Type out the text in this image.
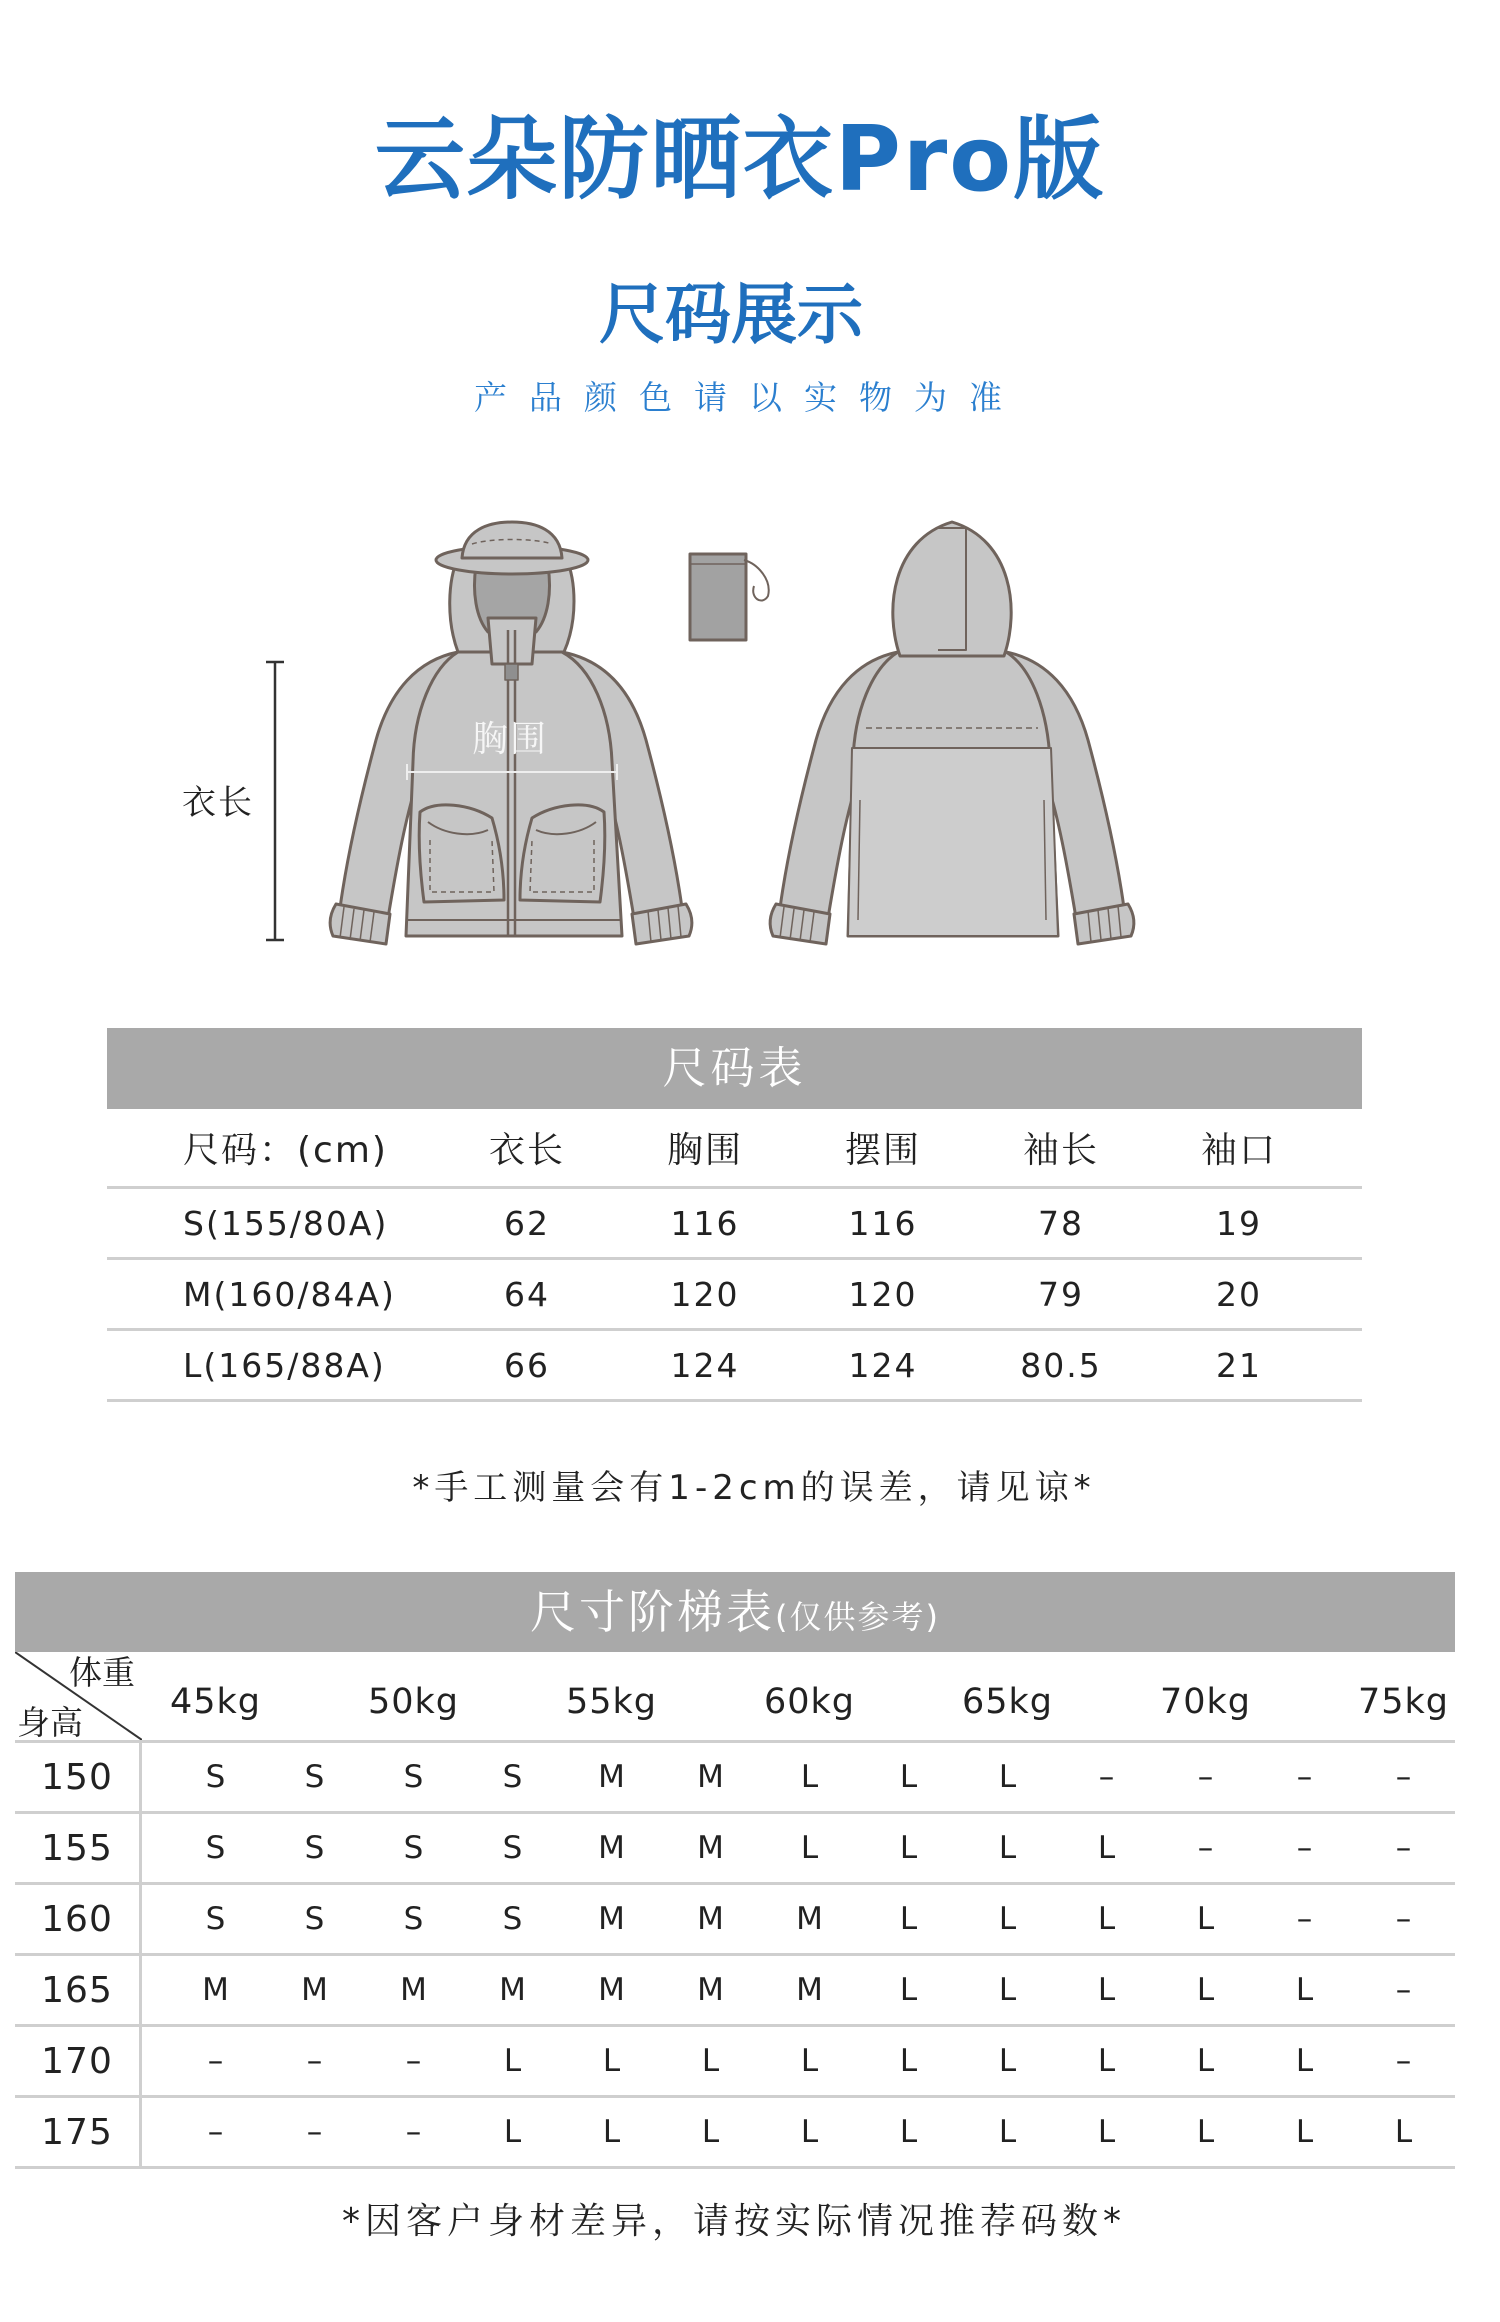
云朵防晒衣Pro版
尺码展示
产品颜色请以实物为准
衣长
胸围
尺码表
尺码：(cm)	衣长	胸围	摆围	袖长	袖口
S(155/80A)	62	116	116	78	19
M(160/84A)	64	120	120	79	20
L(165/88A)	66	124	124	80.5	21
*手工测量会有1-2cm的误差，请见谅*
尺寸阶梯表(仅供参考)
体重
身高
45kg	50kg	55kg	60kg	65kg	70kg	75kg
150	S	S	S	S	M	M	L	L	L	–	–	–	–
155	S	S	S	S	M	M	L	L	L	L	–	–	–
160	S	S	S	S	M	M	M	L	L	L	L	–	–
165	M	M	M	M	M	M	M	L	L	L	L	L	–
170	–	–	–	L	L	L	L	L	L	L	L	L	–
175	–	–	–	L	L	L	L	L	L	L	L	L	L
*因客户身材差异，请按实际情况推荐码数*
